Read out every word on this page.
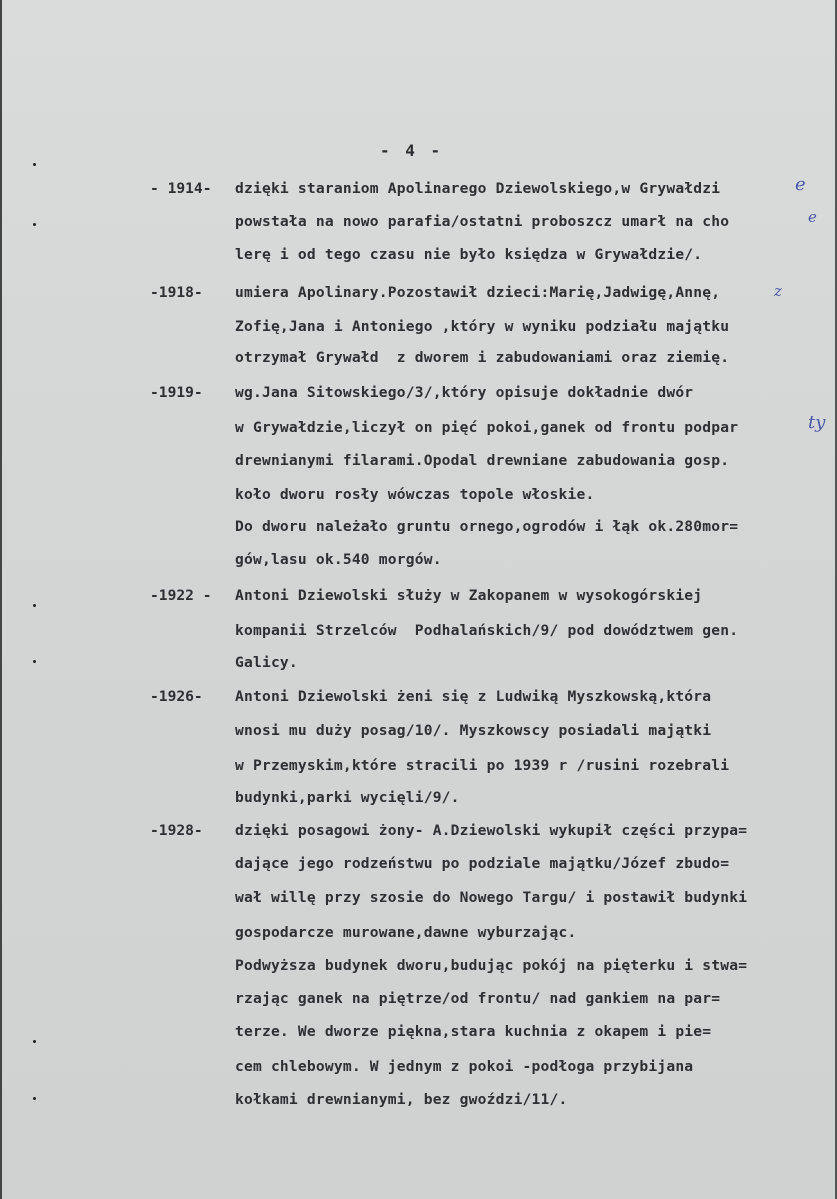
- 4 -
- 1914- dzięki staraniom Apolinarego Dziewolskiego,w Grywałdzi
powstała na nowo parafia/ostatni proboszcz umarł na cho
lerę i od tego czasu nie było księdza w Grywałdzie/.
-1918- umiera Apolinary.Pozostawił dzieci:Marię,Jadwigę,Annę,
Zofię,Jana i Antoniego ,który w wyniku podziału majątku
otrzymał Grywałd  z dworem i zabudowaniami oraz ziemię.
-1919- wg.Jana Sitowskiego/3/,który opisuje dokładnie dwór
w Grywałdzie,liczył on pięć pokoi,ganek od frontu podpar
drewnianymi filarami.Opodal drewniane zabudowania gosp.
koło dworu rosły wówczas topole włoskie.
Do dworu należało gruntu ornego,ogrodów i łąk ok.280mor=
gów,lasu ok.540 morgów.
-1922 - Antoni Dziewolski służy w Zakopanem w wysokogórskiej
kompanii Strzelców  Podhalańskich/9/ pod dowództwem gen.
Galicy.
-1926- Antoni Dziewolski żeni się z Ludwiką Myszkowską,która
wnosi mu duży posag/10/. Myszkowscy posiadali majątki
w Przemyskim,które stracili po 1939 r /rusini rozebrali
budynki,parki wycięli/9/.
-1928- dzięki posagowi żony- A.Dziewolski wykupił części przypa=
dające jego rodzeństwu po podziale majątku/Józef zbudo=
wał willę przy szosie do Nowego Targu/ i postawił budynki
gospodarcze murowane,dawne wyburzając.
Podwyższa budynek dworu,budując pokój na pięterku i stwa=
rzając ganek na piętrze/od frontu/ nad gankiem na par=
terze. We dworze piękna,stara kuchnia z okapem i pie=
cem chlebowym. W jednym z pokoi -podłoga przybijana
kołkami drewnianymi, bez gwoździ/11/.
e
z
e
ty
